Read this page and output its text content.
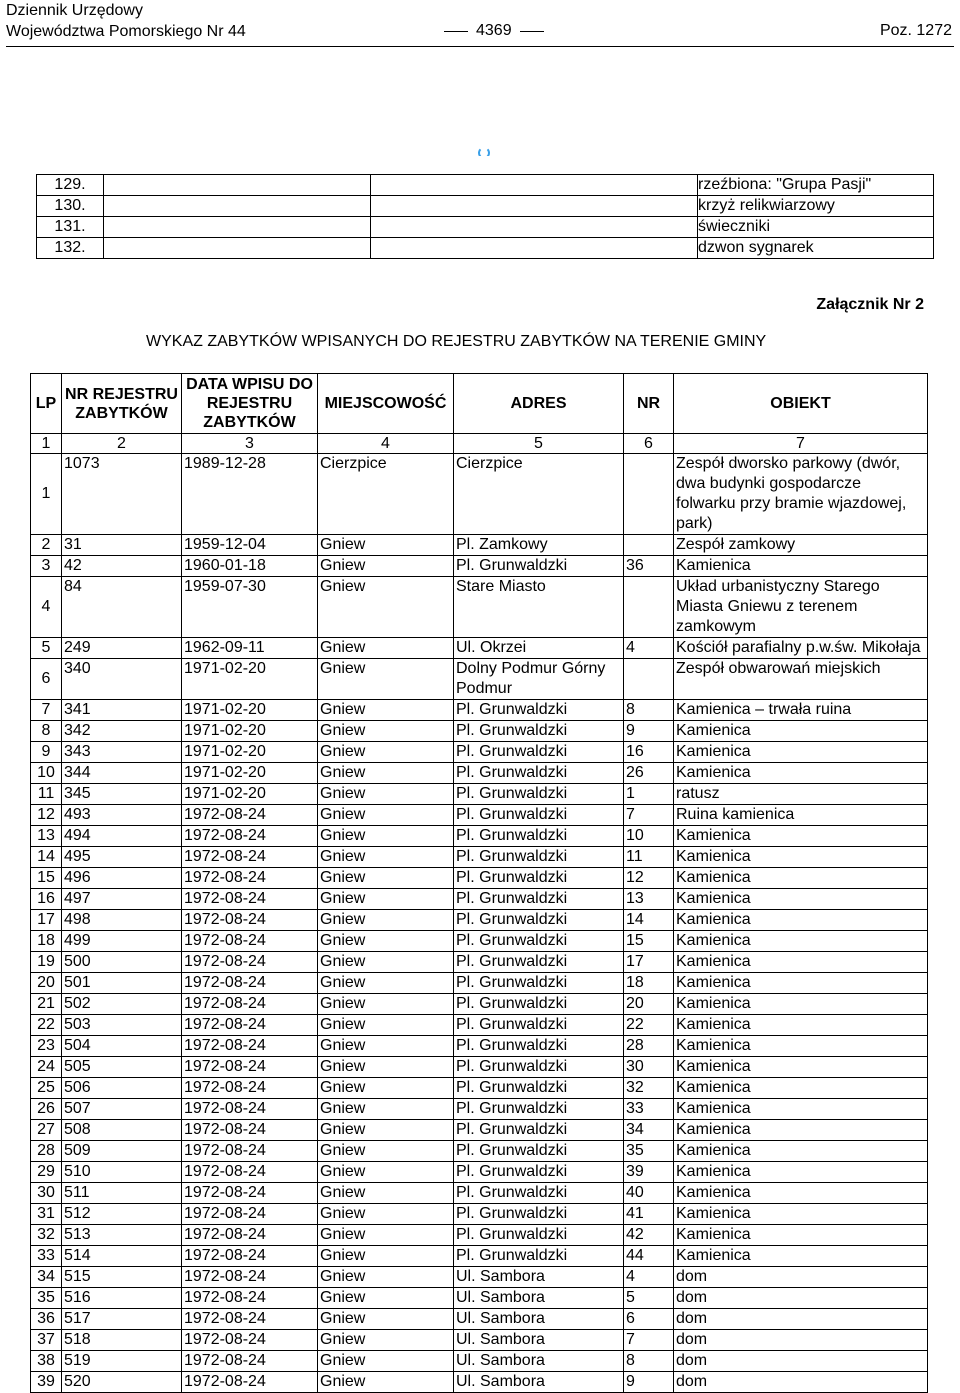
Dziennik Urzędowy
Województwa Pomorskiego Nr 44	4369	Poz. 1272
129.			rzeźbiona: "Grupa Pasji"
130.			krzyż relikwiarzowy
131.			świeczniki
132.			dzwon sygnarek
Załącznik Nr 2
WYKAZ ZABYTKÓW WPISANYCH DO REJESTRU ZABYTKÓW NA TERENIE GMINY
LP	NR REJESTRU ZABYTKÓW	DATA WPISU DO REJESTRU ZABYTKÓW	MIEJSCOWOŚĆ	ADRES	NR	OBIEKT
1	2	3	4	5	6	7
1	1073	1989-12-28	Cierzpice	Cierzpice		Zespół dworsko parkowy (dwór, dwa budynki gospodarcze folwarku przy bramie wjazdowej, park)
2	31	1959-12-04	Gniew	Pl. Zamkowy		Zespół zamkowy
3	42	1960-01-18	Gniew	Pl. Grunwaldzki	36	Kamienica
4	84	1959-07-30	Gniew	Stare Miasto		Układ urbanistyczny Starego Miasta Gniewu z terenem zamkowym
5	249	1962-09-11	Gniew	Ul. Okrzei	4	Kościół parafialny p.w.św. Mikołaja
6	340	1971-02-20	Gniew	Dolny Podmur Górny Podmur		Zespół obwarowań miejskich
7	341	1971-02-20	Gniew	Pl. Grunwaldzki	8	Kamienica – trwała ruina
8	342	1971-02-20	Gniew	Pl. Grunwaldzki	9	Kamienica
9	343	1971-02-20	Gniew	Pl. Grunwaldzki	16	Kamienica
10	344	1971-02-20	Gniew	Pl. Grunwaldzki	26	Kamienica
11	345	1971-02-20	Gniew	Pl. Grunwaldzki	1	ratusz
12	493	1972-08-24	Gniew	Pl. Grunwaldzki	7	Ruina kamienica
13	494	1972-08-24	Gniew	Pl. Grunwaldzki	10	Kamienica
14	495	1972-08-24	Gniew	Pl. Grunwaldzki	11	Kamienica
15	496	1972-08-24	Gniew	Pl. Grunwaldzki	12	Kamienica
16	497	1972-08-24	Gniew	Pl. Grunwaldzki	13	Kamienica
17	498	1972-08-24	Gniew	Pl. Grunwaldzki	14	Kamienica
18	499	1972-08-24	Gniew	Pl. Grunwaldzki	15	Kamienica
19	500	1972-08-24	Gniew	Pl. Grunwaldzki	17	Kamienica
20	501	1972-08-24	Gniew	Pl. Grunwaldzki	18	Kamienica
21	502	1972-08-24	Gniew	Pl. Grunwaldzki	20	Kamienica
22	503	1972-08-24	Gniew	Pl. Grunwaldzki	22	Kamienica
23	504	1972-08-24	Gniew	Pl. Grunwaldzki	28	Kamienica
24	505	1972-08-24	Gniew	Pl. Grunwaldzki	30	Kamienica
25	506	1972-08-24	Gniew	Pl. Grunwaldzki	32	Kamienica
26	507	1972-08-24	Gniew	Pl. Grunwaldzki	33	Kamienica
27	508	1972-08-24	Gniew	Pl. Grunwaldzki	34	Kamienica
28	509	1972-08-24	Gniew	Pl. Grunwaldzki	35	Kamienica
29	510	1972-08-24	Gniew	Pl. Grunwaldzki	39	Kamienica
30	511	1972-08-24	Gniew	Pl. Grunwaldzki	40	Kamienica
31	512	1972-08-24	Gniew	Pl. Grunwaldzki	41	Kamienica
32	513	1972-08-24	Gniew	Pl. Grunwaldzki	42	Kamienica
33	514	1972-08-24	Gniew	Pl. Grunwaldzki	44	Kamienica
34	515	1972-08-24	Gniew	Ul. Sambora	4	dom
35	516	1972-08-24	Gniew	Ul. Sambora	5	dom
36	517	1972-08-24	Gniew	Ul. Sambora	6	dom
37	518	1972-08-24	Gniew	Ul. Sambora	7	dom
38	519	1972-08-24	Gniew	Ul. Sambora	8	dom
39	520	1972-08-24	Gniew	Ul. Sambora	9	dom
